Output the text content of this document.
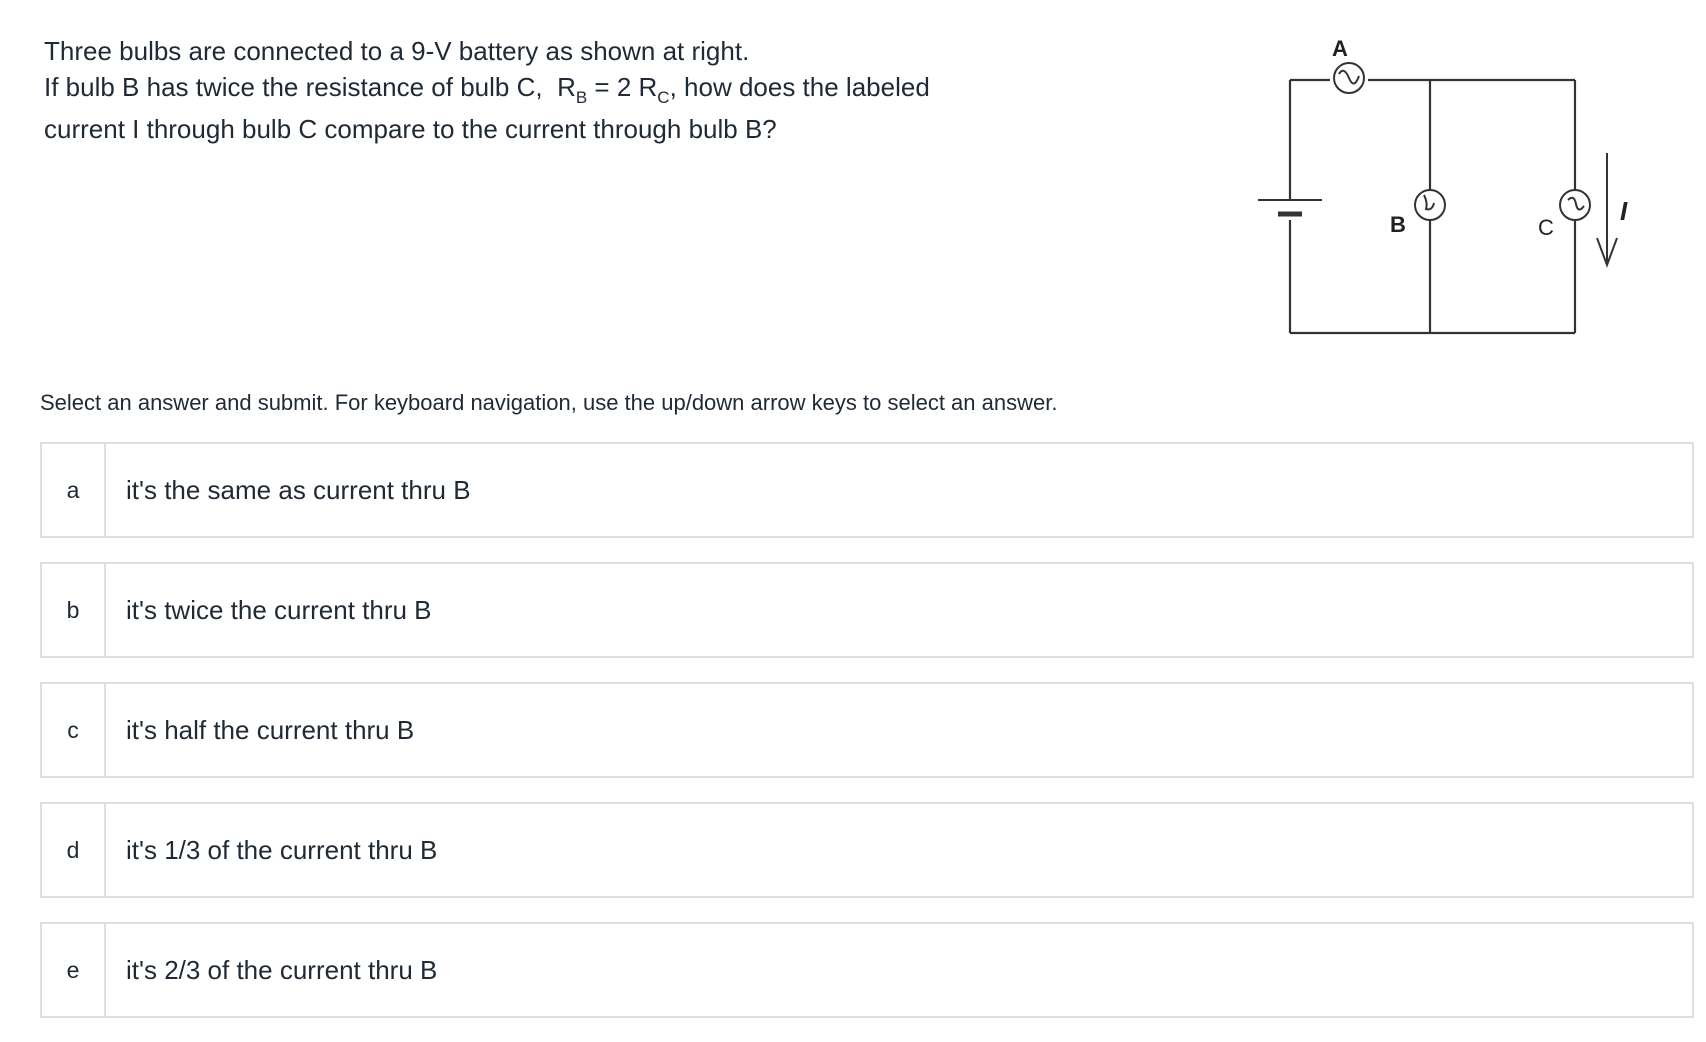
Three bulbs are connected to a 9-V battery as shown at right.

If bulb B has twice the resistance of bulb C, $R_B = 2$ $R_C$, how does the labeled

current I through bulb C compare to the current through bulb B?

A
B	C
I
Select an answer and submit. For keyboard navigation, use the up/down arrow keys to select an answer.
a	it's the same as current thru B
b	it's twice the current thru B
c	it's half the current thru B
d	it's 1/3 of the current thru B
e	it's 2/3 of the current thru B
